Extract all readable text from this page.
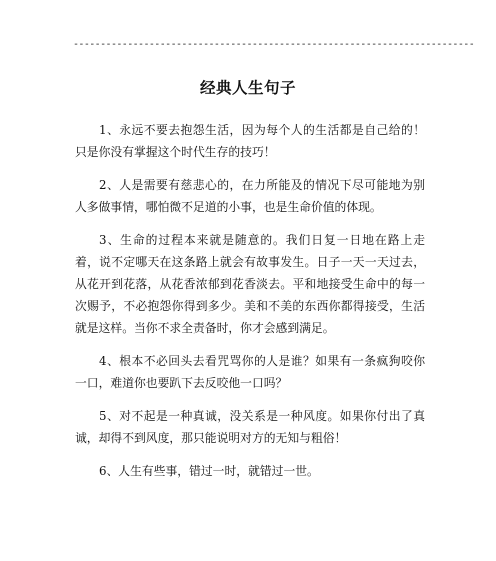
--------------------------------------------------------------------------
经典人生句子

1、永远不要去抱怨生活，因为每个人的生活都是自己给的！只是你没有掌握这个时代生存的技巧！

2、人是需要有慈悲心的，在力所能及的情况下尽可能地为别人多做事情，哪怕微不足道的小事，也是生命价值的体现。

3、生命的过程本来就是随意的。我们日复一日地在路上走着，说不定哪天在这条路上就会有故事发生。日子一天一天过去，从花开到花落，从花香浓郁到花香淡去。平和地接受生命中的每一次赐予，不必抱怨你得到多少。美和不美的东西你都得接受，生活就是这样。当你不求全责备时，你才会感到满足。

4、根本不必回头去看咒骂你的人是谁？如果有一条疯狗咬你一口，难道你也要趴下去反咬他一口吗？

5、对不起是一种真诚，没关系是一种风度。如果你付出了真诚，却得不到风度，那只能说明对方的无知与粗俗！

6、人生有些事，错过一时，就错过一世。
